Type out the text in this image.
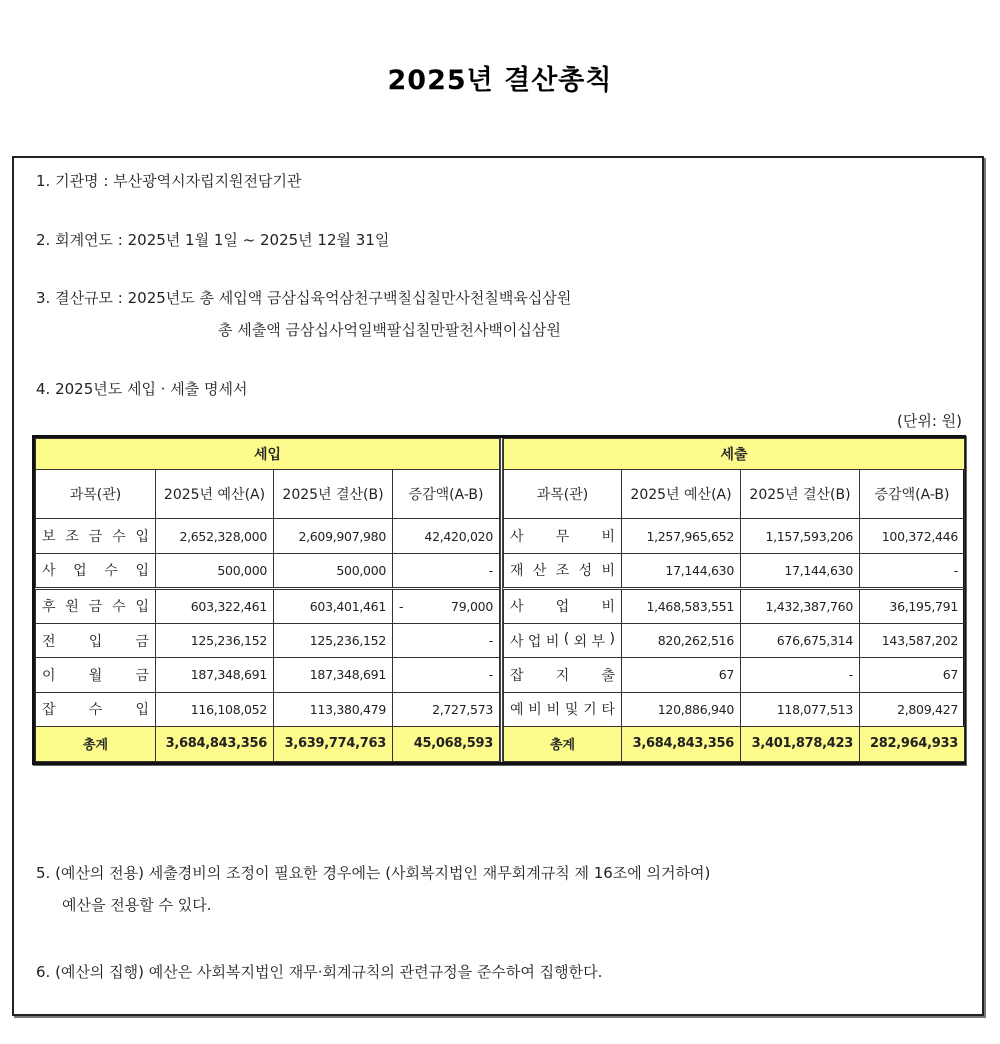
2025년 결산총칙
1. 기관명 : 부산광역시자립지원전담기관
2. 회계연도 : 2025년 1월 1일 ~ 2025년 12월 31일
3. 결산규모 : 2025년도 총 세입액 금삼십육억삼천구백칠십칠만사천칠백육십삼원
총 세출액 금삼십사억일백팔십칠만팔천사백이십삼원
4. 2025년도 세입 · 세출 명세서
(단위: 원)
세입			
과목(관)	2025년 예산(A)	2025년 결산(B)	증감액(A-B)

보 조 금 수 입	2,652,328,000	2,609,907,980	42,420,020

사 업 수 입	500,000	500,000	-

후 원 금 수 입	603,322,461	603,401,461	- 79,000

전 입 금	125,236,152	125,236,152	-

이 월 금	187,348,691	187,348,691	-

잡 수 입	116,108,052	113,380,479	2,727,573
총계	3,684,843,356	3,639,774,763	45,068,593
세출			
과목(관)	2025년 예산(A)	2025년 결산(B)	증감액(A-B)

사 무 비	1,257,965,652	1,157,593,206	100,372,446

재 산 조 성 비	17,144,630	17,144,630	-

사 업 비	1,468,583,551	1,432,387,760	36,195,791

사 업 비 ( 외 부 )	820,262,516	676,675,314	143,587,202

잡 지 출	67	-	67

예 비 비 및 기 타	120,886,940	118,077,513	2,809,427
총계	3,684,843,356	3,401,878,423	282,964,933
5. (예산의 전용) 세출경비의 조정이 필요한 경우에는 (사회복지법인 재무회계규칙 제 16조에 의거하여)
예산을 전용할 수 있다.
6. (예산의 집행) 예산은 사회복지법인 재무·회계규칙의 관련규정을 준수하여 집행한다.
